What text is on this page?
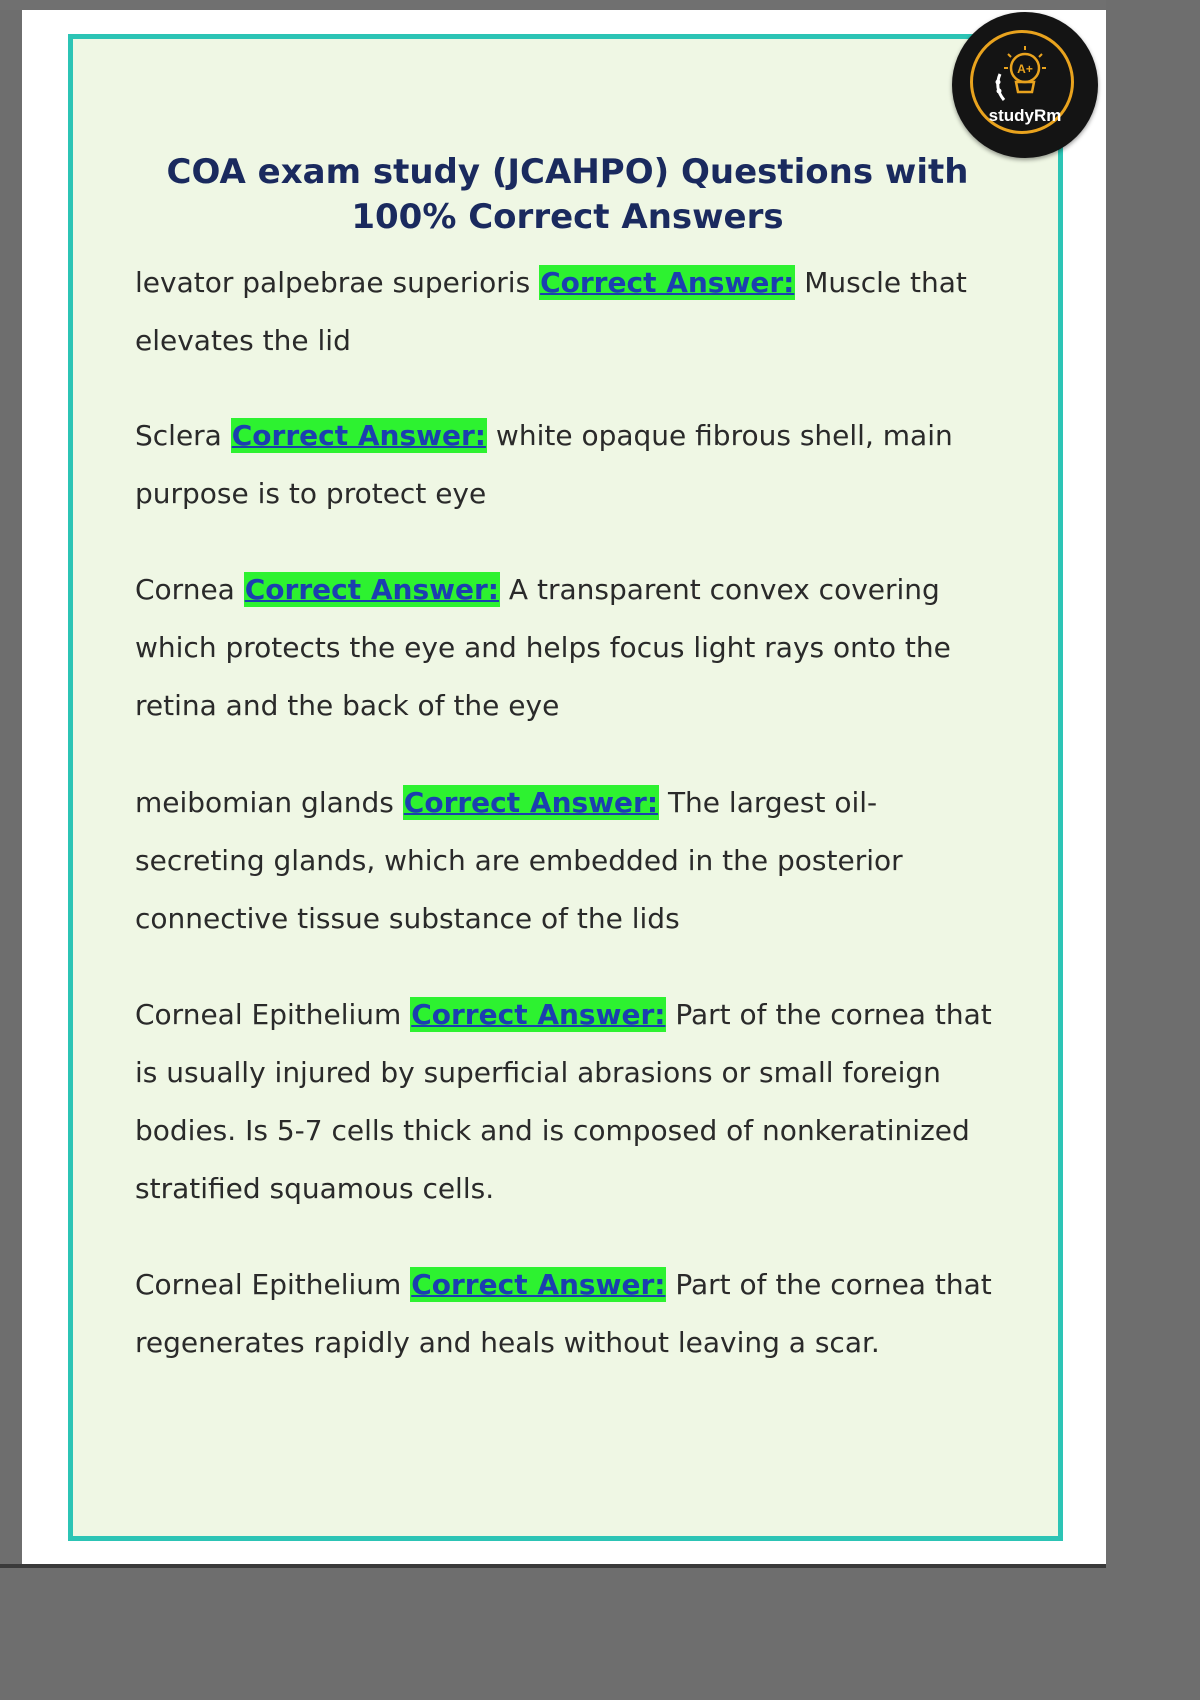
COA exam study (JCAHPO) Questions with 100% Correct Answers

levator palpebrae superioris Correct Answer: Muscle that elevates the lid

Sclera Correct Answer: white opaque fibrous shell, main purpose is to protect eye

Cornea Correct Answer: A transparent convex covering which protects the eye and helps focus light rays onto the retina and the back of the eye

meibomian glands Correct Answer: The largest oil-secreting glands, which are embedded in the posterior connective tissue substance of the lids

Corneal Epithelium Correct Answer: Part of the cornea that is usually injured by superficial abrasions or small foreign bodies. Is 5-7 cells thick and is composed of nonkeratinized stratified squamous cells.

Corneal Epithelium Correct Answer: Part of the cornea that regenerates rapidly and heals without leaving a scar.

A+
studyRm
